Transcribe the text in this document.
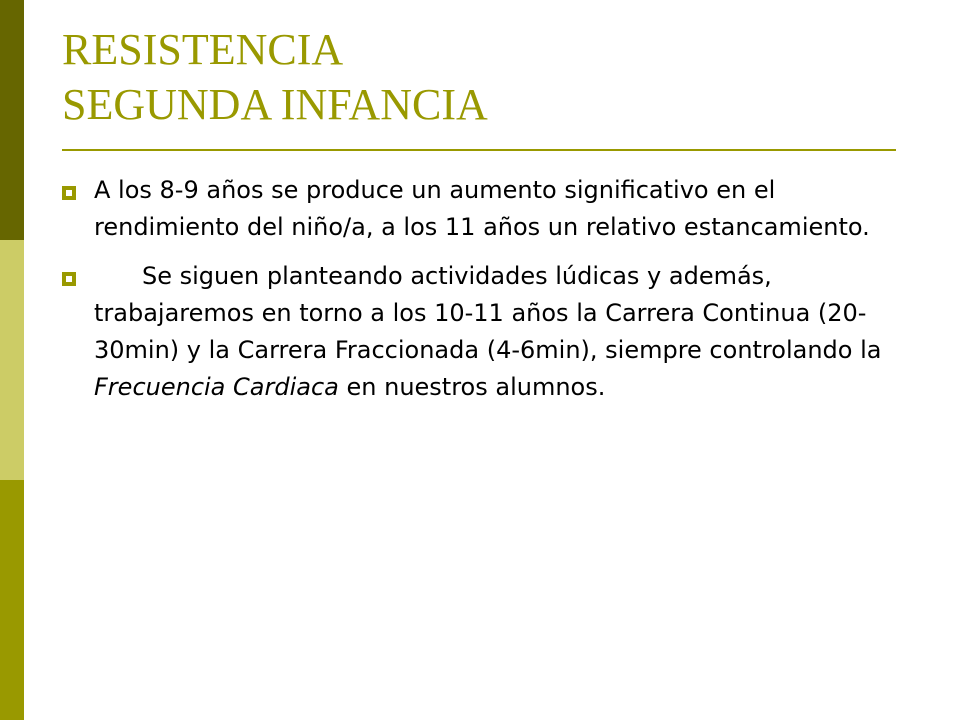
RESISTENCIA
SEGUNDA INFANCIA
A los 8-9 años se produce un aumento significativo en el rendimiento del niño/a, a los 11 años un relativo estancamiento.
Se siguen planteando actividades lúdicas y además, trabajaremos en torno a los 10-11 años la Carrera Continua (20-30min) y la Carrera Fraccionada (4-6min), siempre controlando la Frecuencia Cardiaca en nuestros alumnos.
